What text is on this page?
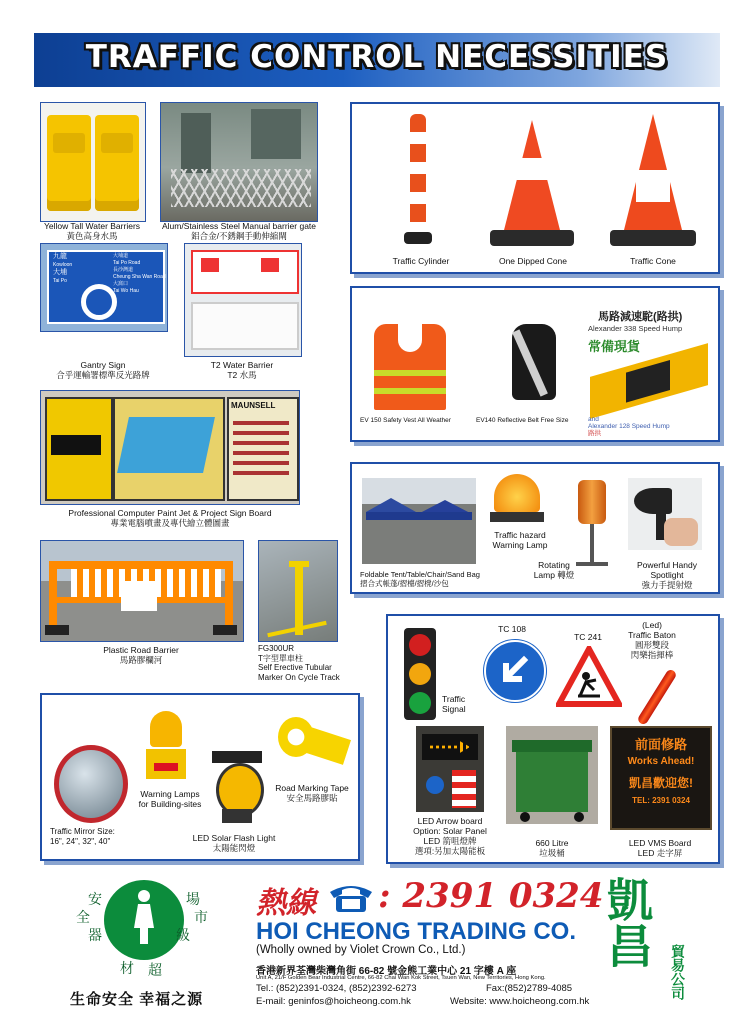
TRAFFIC CONTROL NECESSITIES
Yellow Tall Water Barriers
黃色高身水馬
Alum/Stainless Steel Manual barrier gate
鋁合金/不銹鋼手動伸縮閘
九龍
Kowloon
大埔
Tai Po
大埔道
Tai Po Road
長沙灣道
Cheung Sha Wan Road
大窩口
Tai Wo Hau
Gantry Sign
合乎運輸署標準反光路牌
T2 Water Barrier
T2 水馬
MAUNSELL
Professional Computer Paint Jet & Project Sign Board
專業電腦噴畫及專代繪立體圖畫
Plastic Road Barrier
馬路膠欄河
FG300UR
T字型單車柱
Self Erective Tubular
Marker On Cycle Track
Traffic Mirror Size:
16", 24", 32", 40"
Warning Lamps
for Building-sites
LED Solar Flash Light
太陽能閃燈
Road Marking Tape
安全馬路膠貼
Traffic Cylinder	One Dipped Cone	Traffic Cone
EV 150 Safety Vest All Weather	EV140 Reflective Belt Free Size
馬路減速駝(路拱)
Alexander 338 Speed Hump
常備現貨
and
Alexander 128 Speed Hump
路拱
Foldable Tent/Table/Chair/Sand Bag
摺合式帳蓬/摺檯/摺櫈/沙包
Traffic hazard
Warning Lamp
Rotating
Lamp 轉燈
Powerful Handy
Spotlight
強力手提射燈
Traffic
Signal
TC 108
TC 241
(Led)
Traffic Baton
圓形雙段
閃樂指揮棒
LED Arrow board
Option: Solar Panel
LED 箭咀燈牌
選項:另加太陽能板
660 Litre
垃圾桶
前面修路
Works Ahead!
凱昌歡迎您!
TEL: 2391 0324
LED VMS Board
LED 走字屏
安
全
器
場
市
級
材 超
生命安全 幸福之源
熱線 : 2391 0324
HOI CHEONG TRADING CO.
(Wholly owned by Violet Crown Co., Ltd.)
香港新界荃灣柴灣角街 66-82 號金熊工業中心 21 字樓 A 座
Unit A, 21/F Golden Bear Industrial Centre, 66-82 Chai Wan Kok Street, Tsuen Wan, New Territories, Hong Kong.
Tel.: (852)2391-0324, (852)2392-6273	Fax:(852)2789-4085
E-mail: geninfos@hoicheong.com.hk	Website: www.hoicheong.com.hk
凱昌
貿易公司
